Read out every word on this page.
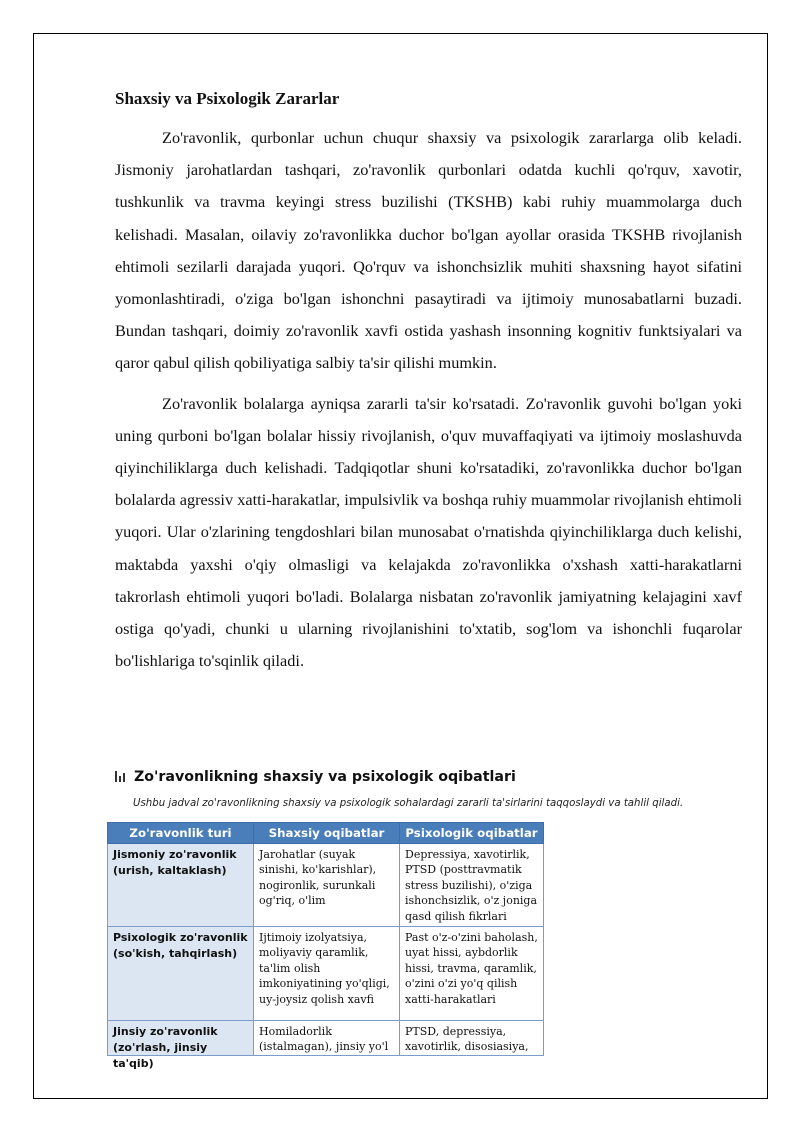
Shaxsiy va Psixologik Zararlar

Zo'ravonlik, qurbonlar uchun chuqur shaxsiy va psixologik zararlarga olib keladi. Jismoniy jarohatlardan tashqari, zo'ravonlik qurbonlari odatda kuchli qo'rquv, xavotir, tushkunlik va travma keyingi stress buzilishi (TKSHB) kabi ruhiy muammolarga duch kelishadi. Masalan, oilaviy zo'ravonlikka duchor bo'lgan ayollar orasida TKSHB rivojlanish ehtimoli sezilarli darajada yuqori. Qo'rquv va ishonchsizlik muhiti shaxsning hayot sifatini yomonlashtiradi, o'ziga bo'lgan ishonchni pasaytiradi va ijtimoiy munosabatlarni buzadi. Bundan tashqari, doimiy zo'ravonlik xavfi ostida yashash insonning kognitiv funktsiyalari va qaror qabul qilish qobiliyatiga salbiy ta'sir qilishi mumkin.

Zo'ravonlik bolalarga ayniqsa zararli ta'sir ko'rsatadi. Zo'ravonlik guvohi bo'lgan yoki uning qurboni bo'lgan bolalar hissiy rivojlanish, o'quv muvaffaqiyati va ijtimoiy moslashuvda qiyinchiliklarga duch kelishadi. Tadqiqotlar shuni ko'rsatadiki, zo'ravonlikka duchor bo'lgan bolalarda agressiv xatti-harakatlar, impulsivlik va boshqa ruhiy muammolar rivojlanish ehtimoli yuqori. Ular o'zlarining tengdoshlari bilan munosabat o'rnatishda qiyinchiliklarga duch kelishi, maktabda yaxshi o'qiy olmasligi va kelajakda zo'ravonlikka o'xshash xatti-harakatlarni takrorlash ehtimoli yuqori bo'ladi. Bolalarga nisbatan zo'ravonlik jamiyatning kelajagini xavf ostiga qo'yadi, chunki u ularning rivojlanishini to'xtatib, sog'lom va ishonchli fuqarolar bo'lishlariga to'sqinlik qiladi.

Zo'ravonlikning shaxsiy va psixologik oqibatlari
Ushbu jadval zo'ravonlikning shaxsiy va psixologik sohalardagi zararli ta'sirlarini taqqoslaydi va tahlil qiladi.
Zo'ravonlik turi	Shaxsiy oqibatlar	Psixologik oqibatlar
Jismoniy zo'ravonlik (urish, kaltaklash)	Jarohatlar (suyak sinishi, ko'karishlar), nogironlik, surunkali og'riq, o'lim	Depressiya, xavotirlik, PTSD (posttravmatik stress buzilishi), o'ziga ishonchsizlik, o'z joniga qasd qilish fikrlari
Psixologik zo'ravonlik (so'kish, tahqirlash)	Ijtimoiy izolyatsiya, moliyaviy qaramlik, ta'lim olish imkoniyatining yo'qligi, uy-joysiz qolish xavfi	Past o'z-o'zini baholash, uyat hissi, aybdorlik hissi, travma, qaramlik, o'zini o'zi yo'q qilish xatti-harakatlari

Jinsiy zo'ravonlik (zo'rlash, jinsiy ta'qib)	Homiladorlik (istalmagan), jinsiy yo'l	PTSD, depressiya, xavotirlik, disosiasiya,
